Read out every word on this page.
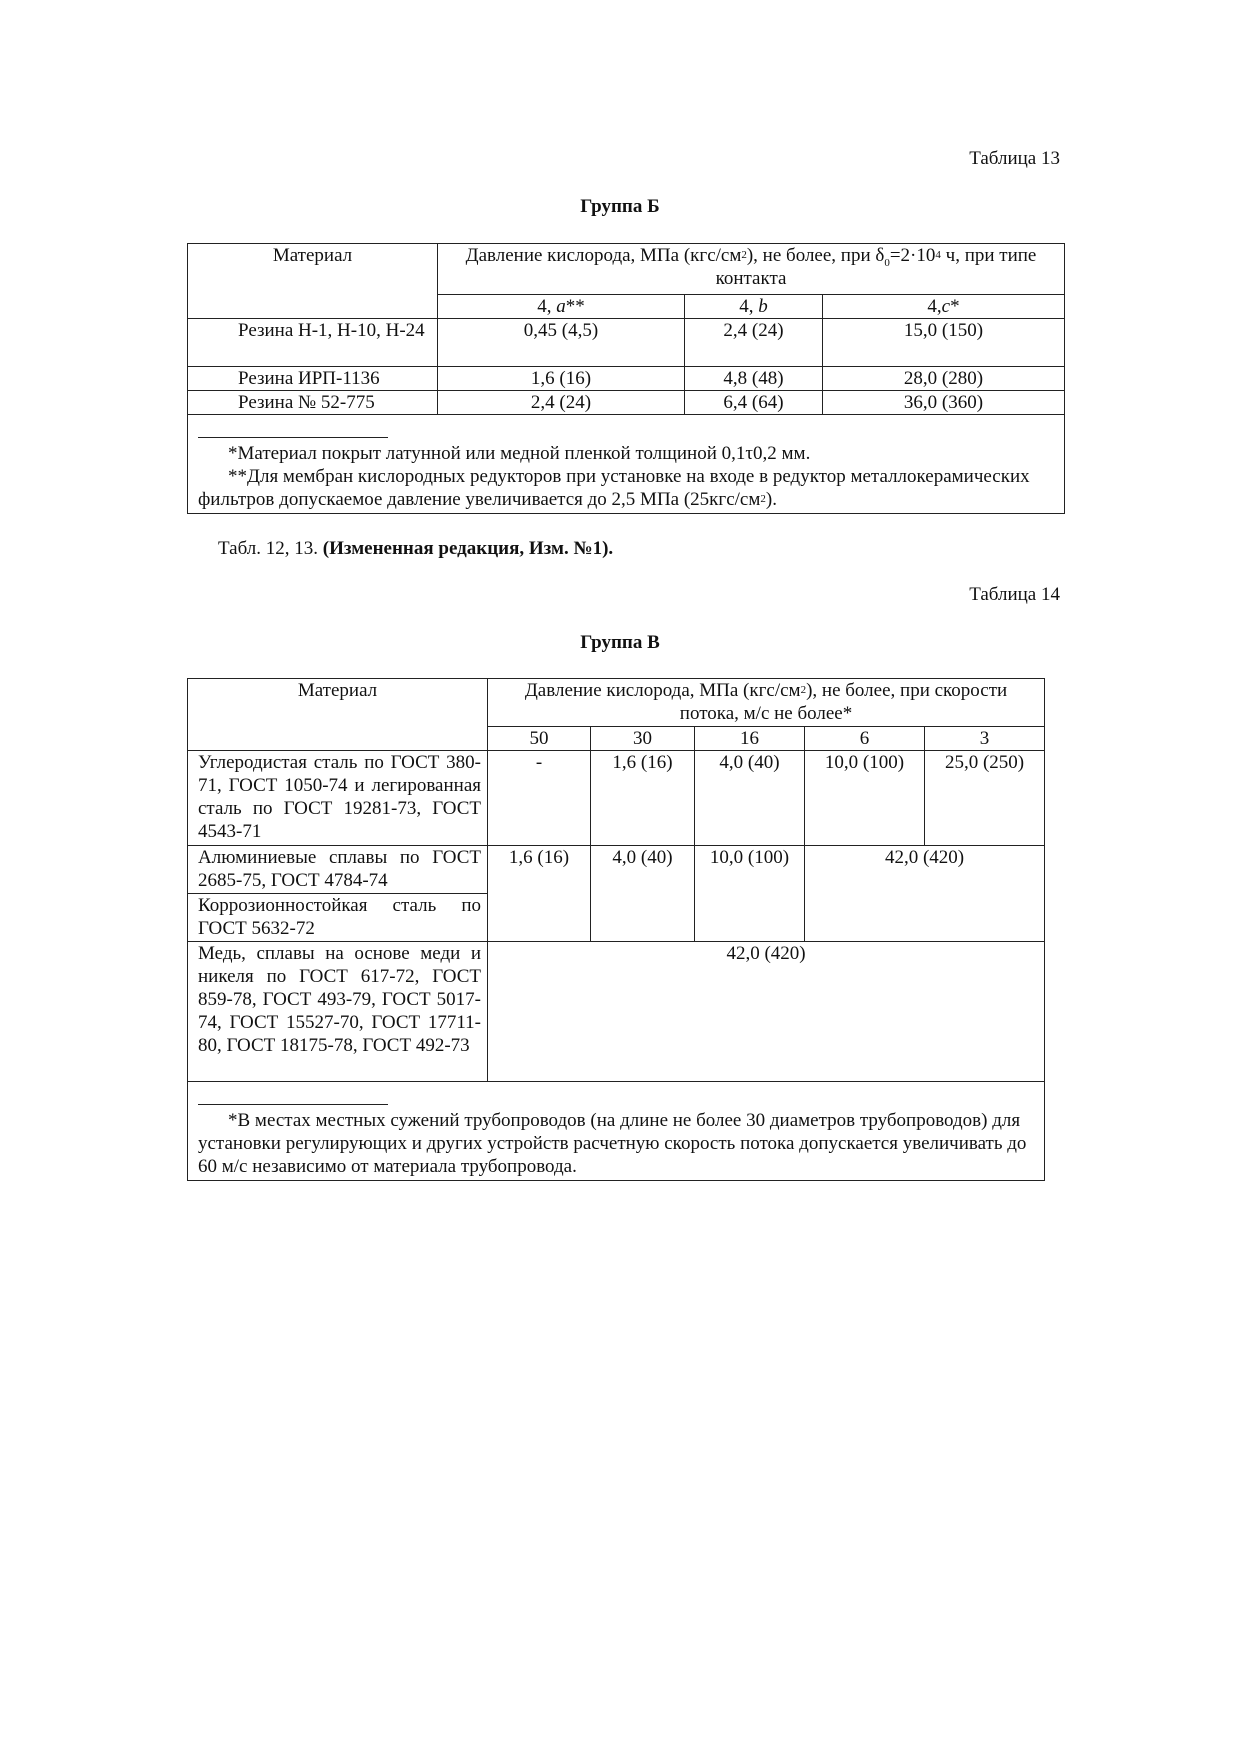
Таблица 13
Группа Б
Материал	Давление кислорода, МПа $(кгс/см^2)$, не более, при $\delta_0=2\cdot 10^4$ ч, при типе контакта		
	4, a**	4, b	4,c*
Резина Н-1, Н-10, Н-24	0,45 (4,5)	2,4 (24)	15,0 (150)
Резина ИРП-1136	1,6 (16)	4,8 (48)	28,0 (280)
Резина № 52-775	2,4 (24)	6,4 (64)	36,0 (360)

*Материал покрыт латунной или медной пленкой толщиной 0,1τ0,2 мм.

**Для мембран кислородных редукторов при установке на входе в редуктор металлокерамических фильтров допускаемое давление увеличивается до 2,5 МПа $(25кгс/см^2)$.			

Табл. 12, 13. (Измененная редакция, Изм. №1).
Таблица 14
Группа В
Материал	Давление кислорода, МПа $(кгс/см^2)$, не более, при скорости потока, м/с не более*				
	50	30	16	6	3
Углеродистая сталь по ГОСТ 380-71, ГОСТ 1050-74 и легированная сталь по ГОСТ 19281-73, ГОСТ 4543-71	-	1,6 (16)	4,0 (40)	10,0 (100)	25,0 (250)
Алюминиевые сплавы по ГОСТ 2685-75, ГОСТ 4784-74	1,6 (16)	4,0 (40)	10,0 (100)	42,0 (420)	
Коррозионностойкая сталь по ГОСТ 5632-72					
Медь, сплавы на основе меди и никеля по ГОСТ 617-72, ГОСТ 859-78, ГОСТ 493-79, ГОСТ 5017-74, ГОСТ 15527-70, ГОСТ 17711-80, ГОСТ 18175-78, ГОСТ 492-73	42,0 (420)				

*В местах местных сужений трубопроводов (на длине не более 30 диаметров трубопроводов) для установки регулирующих и других устройств расчетную скорость потока допускается увеличивать до 60 м/с независимо от материала трубопровода.					
